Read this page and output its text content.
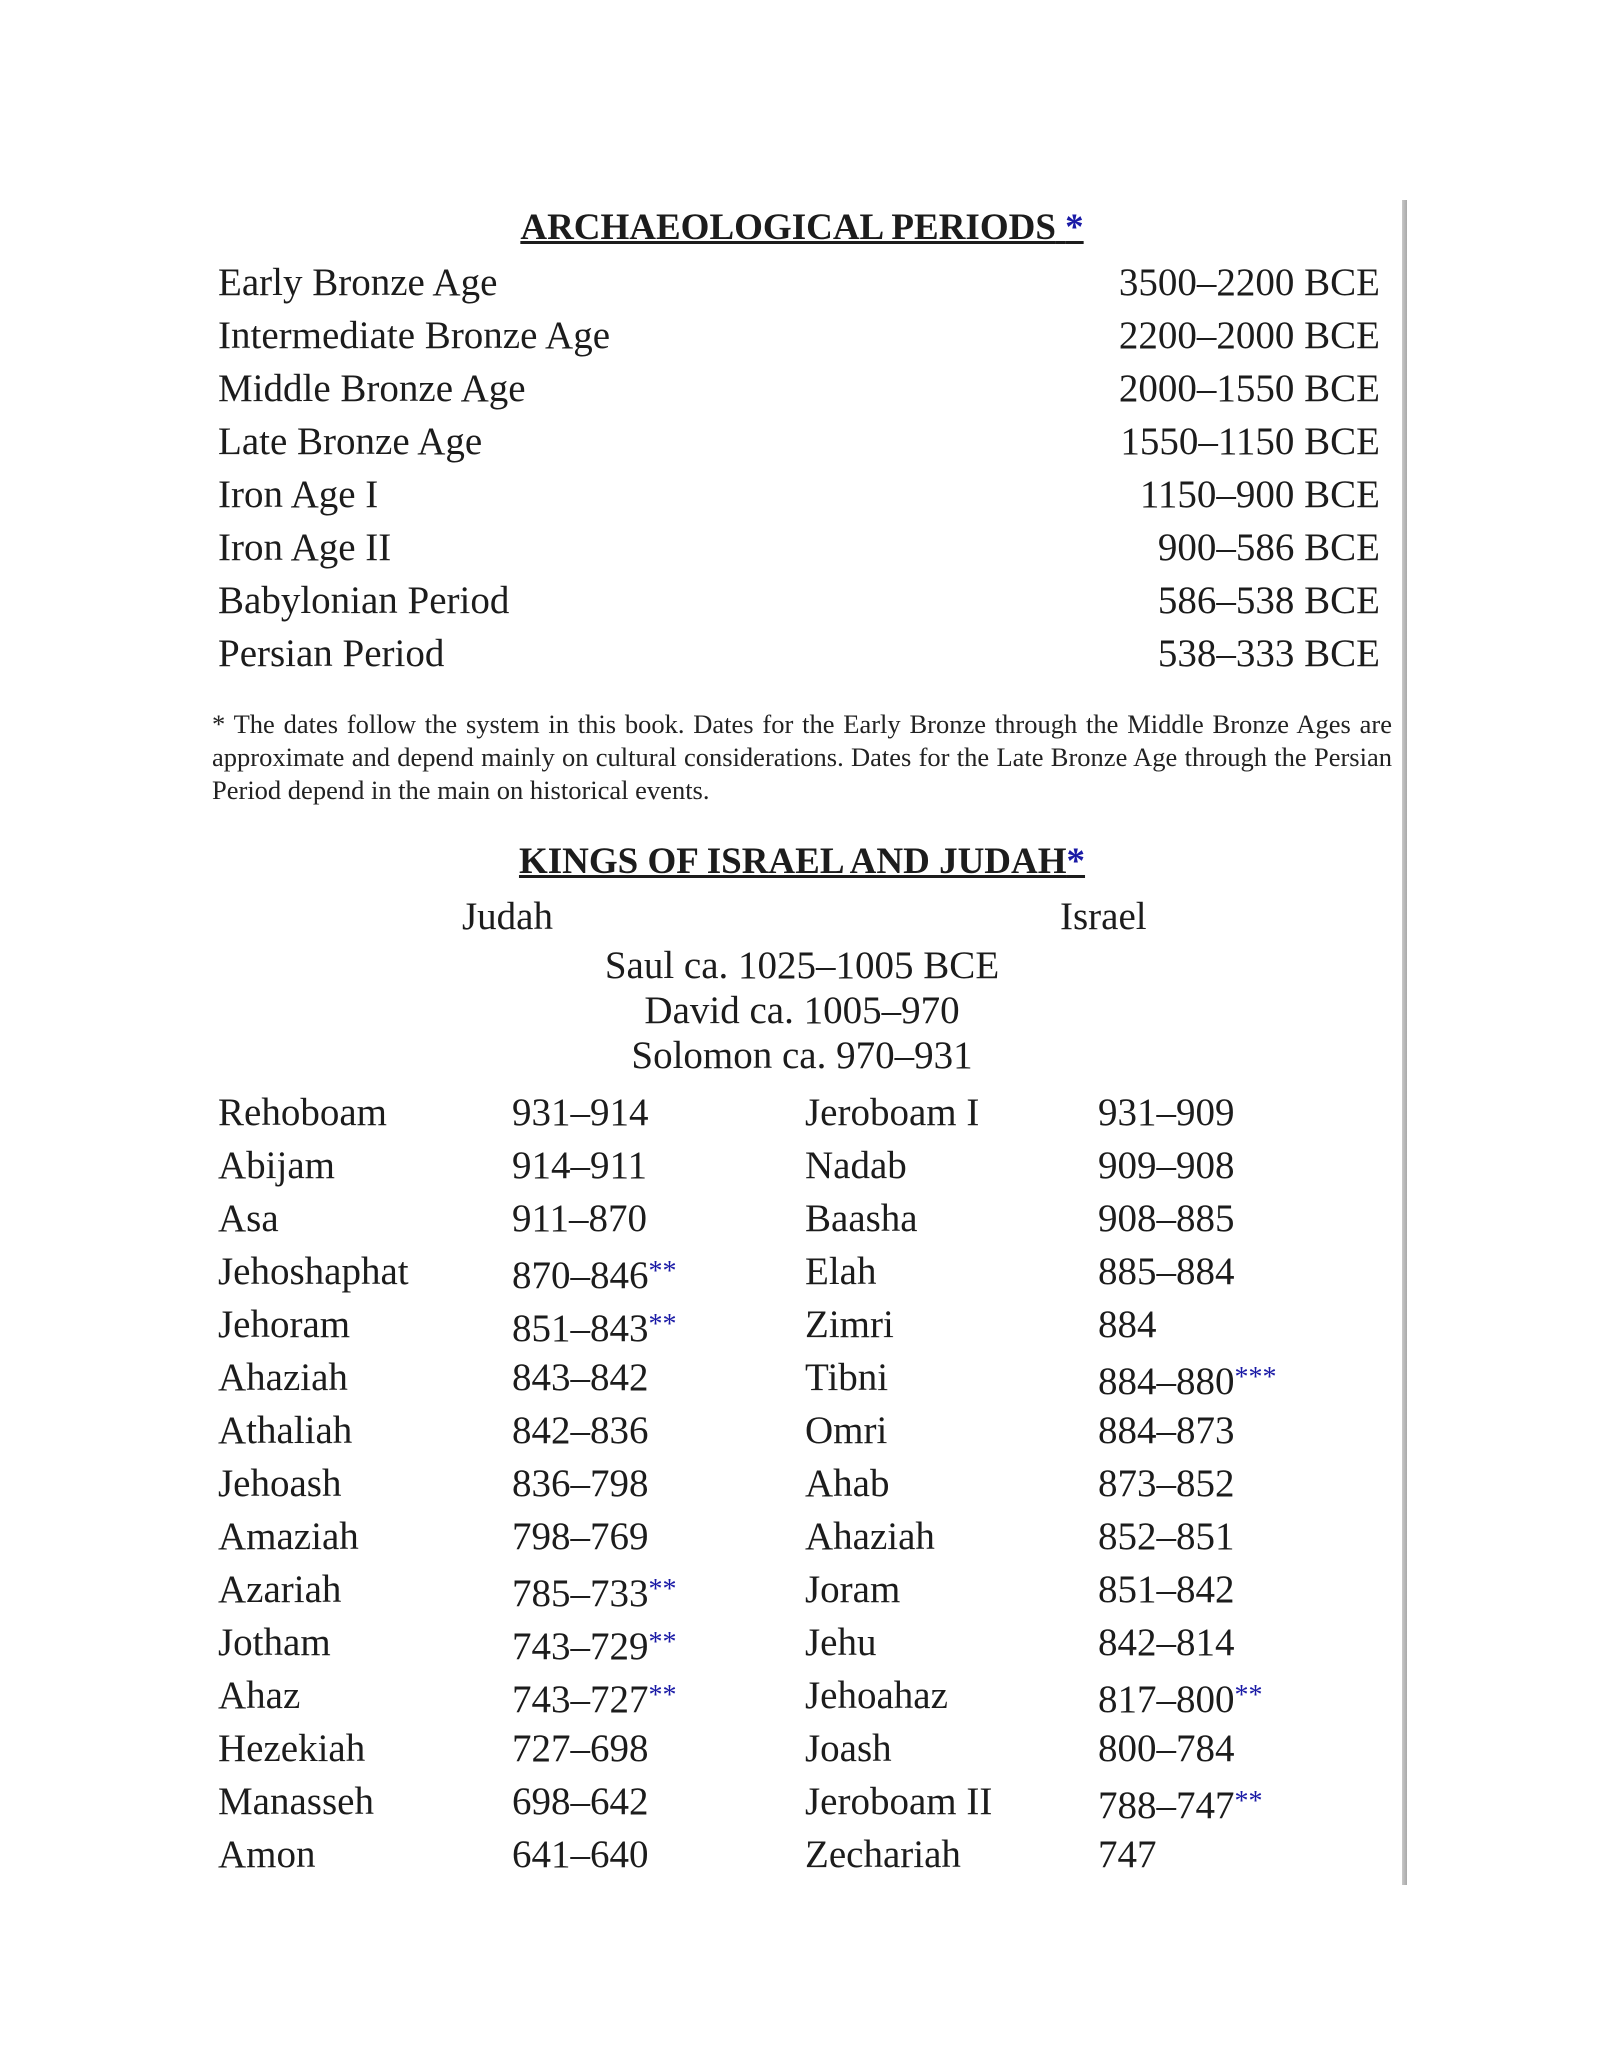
ARCHAEOLOGICAL PERIODS *
Early Bronze Age	3500–2200 BCE
Intermediate Bronze Age	2200–2000 BCE
Middle Bronze Age	2000–1550 BCE
Late Bronze Age	1550–1150 BCE
Iron Age I	1150–900 BCE
Iron Age II	900–586 BCE
Babylonian Period	586–538 BCE
Persian Period	538–333 BCE

* The dates follow the system in this book. Dates for the Early Bronze through the Middle Bronze Ages are approximate and depend mainly on cultural considerations. Dates for the Late Bronze Age through the Persian Period depend in the main on historical events.

KINGS OF ISRAEL AND JUDAH*
Judah	Israel
Saul ca. 1025–1005 BCE
David ca. 1005–970
Solomon ca. 970–931
Rehoboam	931–914	Jeroboam I	931–909
Abijam	914–911	Nadab	909–908
Asa	911–870	Baasha	908–885
Jehoshaphat	870–846**	Elah	885–884
Jehoram	851–843**	Zimri	884
Ahaziah	843–842	Tibni	884–880***
Athaliah	842–836	Omri	884–873
Jehoash	836–798	Ahab	873–852
Amaziah	798–769	Ahaziah	852–851
Azariah	785–733**	Joram	851–842
Jotham	743–729**	Jehu	842–814
Ahaz	743–727**	Jehoahaz	817–800**
Hezekiah	727–698	Joash	800–784
Manasseh	698–642	Jeroboam II	788–747**
Amon	641–640	Zechariah	747
